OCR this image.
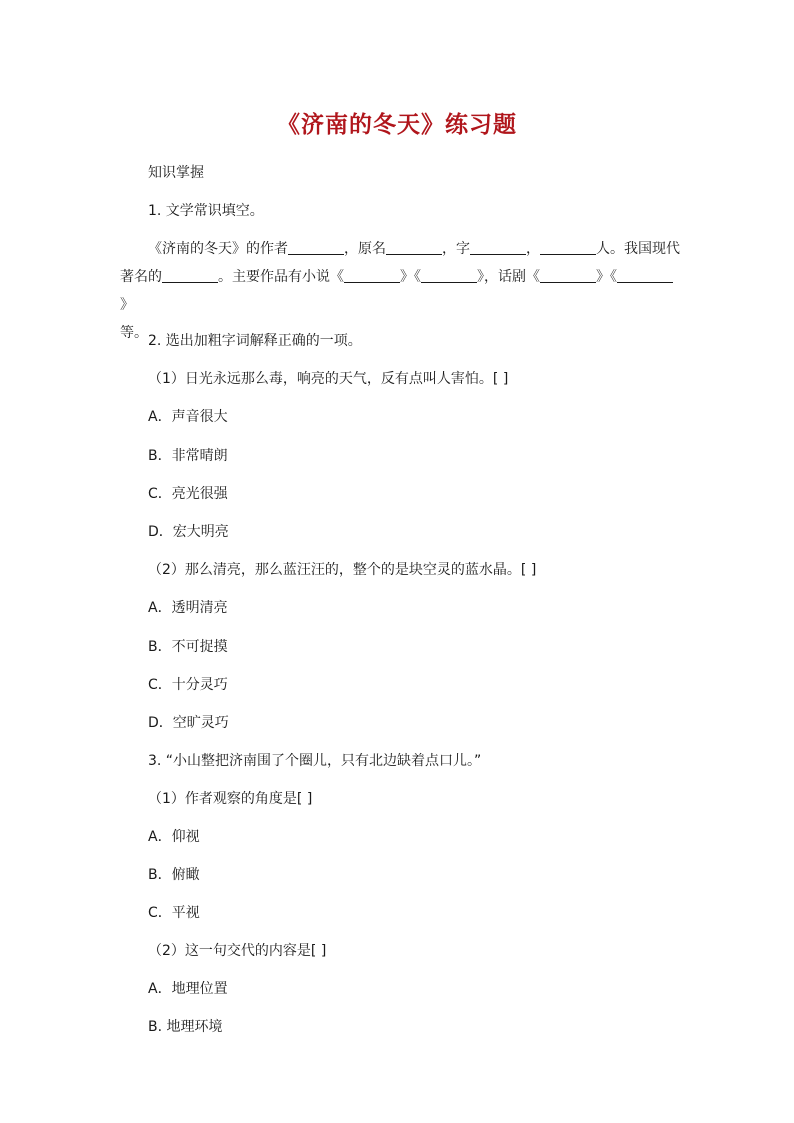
《济南的冬天》练习题
知识掌握
1. 文学常识填空。
《济南的冬天》的作者	，原名	，字	，	人。我国现代
著名的	。主要作品有小说《	》《	》，话剧《	》《》
等。 2. 选出加粗字词解释正确的一项。
（1）日光永远那么毒，响亮的天气，反有点叫人害怕。[ ]
A．声音很大
B．非常晴朗
C．亮光很强
D．宏大明亮
（2）那么清亮，那么蓝汪汪的，整个的是块空灵的蓝水晶。[ ]
A．透明清亮
B．不可捉摸
C．十分灵巧
D．空旷灵巧
3. “小山整把济南围了个圈儿，只有北边缺着点口儿。”
（1）作者观察的角度是[ ]
A．仰视
B．俯瞰
C．平视
（2）这一句交代的内容是[ ]
A．地理位置
B. 地理环境
